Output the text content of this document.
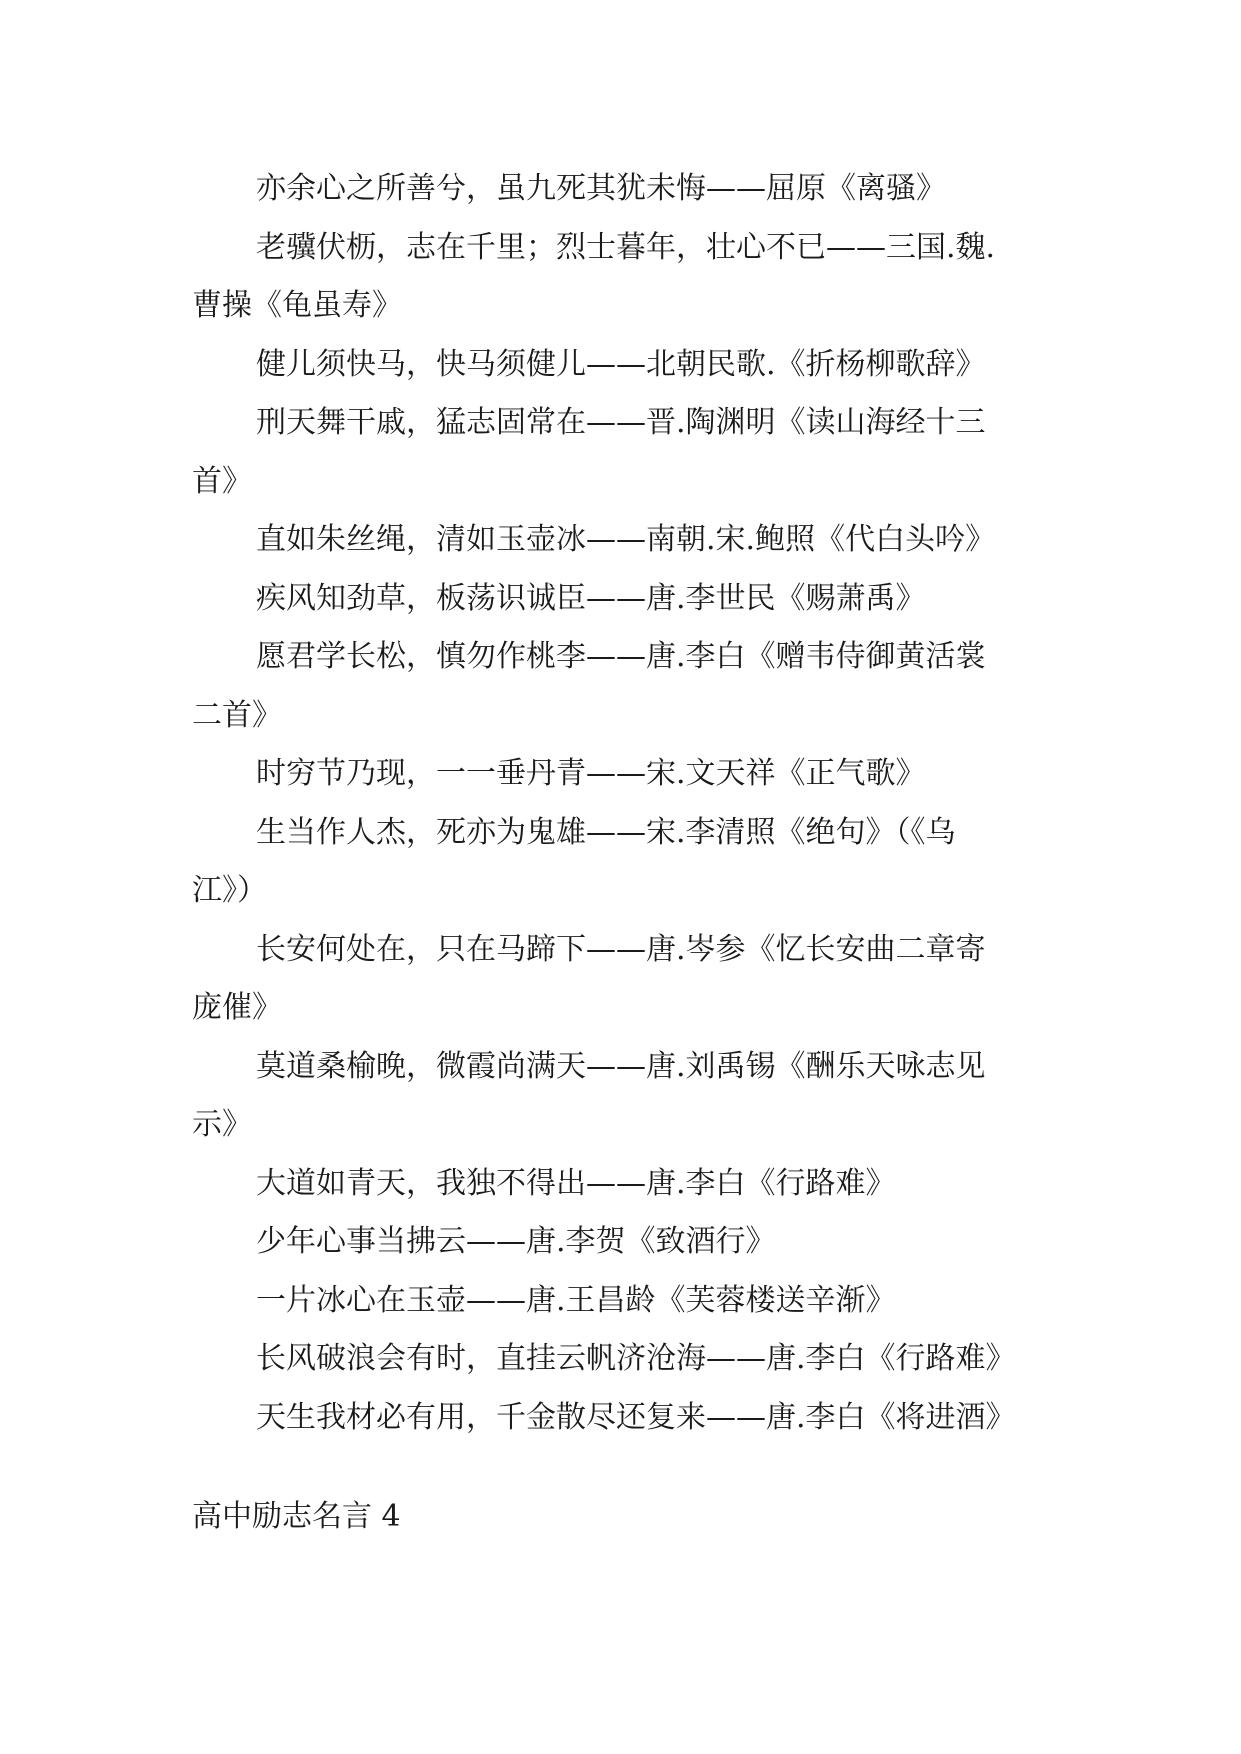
亦余心之所善兮，虽九死其犹未悔——屈原《离骚》

老骥伏枥，志在千里；烈士暮年，壮心不已——三国.魏.
曹操《龟虽寿》

健儿须快马，快马须健儿——北朝民歌.《折杨柳歌辞》

刑天舞干戚，猛志固常在——晋.陶渊明《读山海经十三
首》

直如朱丝绳，清如玉壶冰——南朝.宋.鲍照《代白头吟》

疾风知劲草，板荡识诚臣——唐.李世民《赐萧禹》

愿君学长松，慎勿作桃李——唐.李白《赠韦侍御黄活裳
二首》

时穷节乃现，一一垂丹青——宋.文天祥《正气歌》

生当作人杰，死亦为鬼雄——宋.李清照《绝句》（《乌
江》）

长安何处在，只在马蹄下——唐.岑参《忆长安曲二章寄
庞催》

莫道桑榆晚，微霞尚满天——唐.刘禹锡《酬乐天咏志见
示》

大道如青天，我独不得出——唐.李白《行路难》

少年心事当拂云——唐.李贺《致酒行》

一片冰心在玉壶——唐.王昌龄《芙蓉楼送辛渐》

长风破浪会有时，直挂云帆济沧海——唐.李白《行路难》

天生我材必有用，千金散尽还复来——唐.李白《将进酒》

高中励志名言 4
